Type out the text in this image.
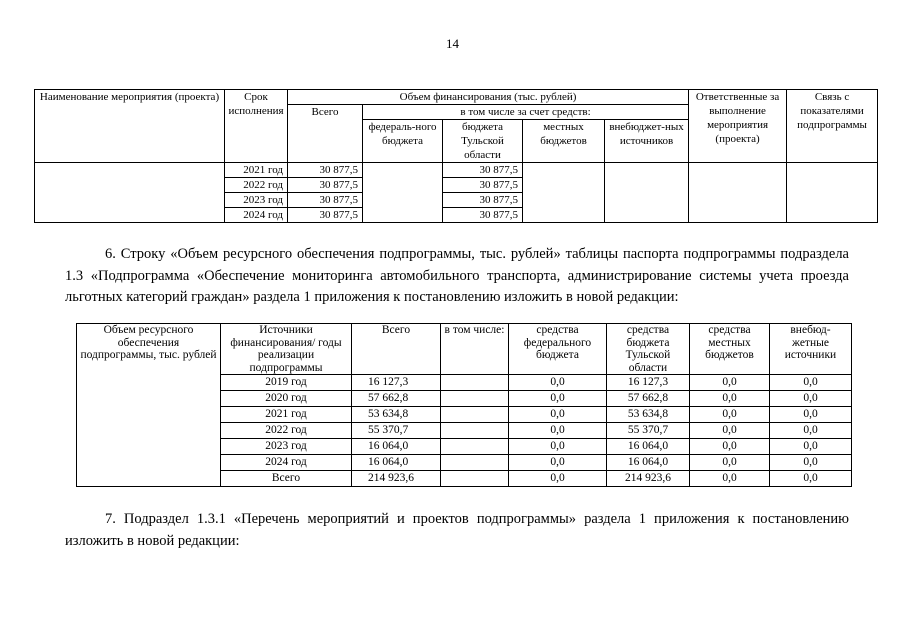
14
Наименование мероприятия (проекта)	Срок исполнения	Объем финансирования (тыс. рублей)					Ответственные за выполнение мероприятия (проекта)	Связь с показателями подпрограммы
		Всего	в том числе за счет средств:					
			федераль-ного бюджета	бюджета Тульской области	местных бюджетов	внебюджет-ных источников		
	2021 год	30 877,5		30 877,5				
	2022 год	30 877,5		30 877,5				
	2023 год	30 877,5		30 877,5				
	2024 год	30 877,5		30 877,5				
6. Строку «Объем ресурсного обеспечения подпрограммы, тыс. рублей» таблицы паспорта подпрограммы подраздела 1.3 «Подпрограмма «Обеспечение мониторинга автомобильного транспорта, администрирование системы учета проезда льготных категорий граждан» раздела 1 приложения к постановлению изложить в новой редакции:
Объем ресурсного обеспечения подпрограммы, тыс. рублей	Источники финансирования/ годы реализации подпрограммы	Всего	в том числе:	средства федерального бюджета	средства бюджета Тульской области	средства местных бюджетов	внебюд-жетные источники
	2019 год	16 127,3		0,0	16 127,3	0,0	0,0
	2020 год	57 662,8		0,0	57 662,8	0,0	0,0
	2021 год	53 634,8		0,0	53 634,8	0,0	0,0
	2022 год	55 370,7		0,0	55 370,7	0,0	0,0
	2023 год	16 064,0		0,0	16 064,0	0,0	0,0
	2024 год	16 064,0		0,0	16 064,0	0,0	0,0
	Всего	214 923,6		0,0	214 923,6	0,0	0,0
7. Подраздел 1.3.1 «Перечень мероприятий и проектов подпрограммы» раздела 1 приложения к постановлению изложить в новой редакции:
